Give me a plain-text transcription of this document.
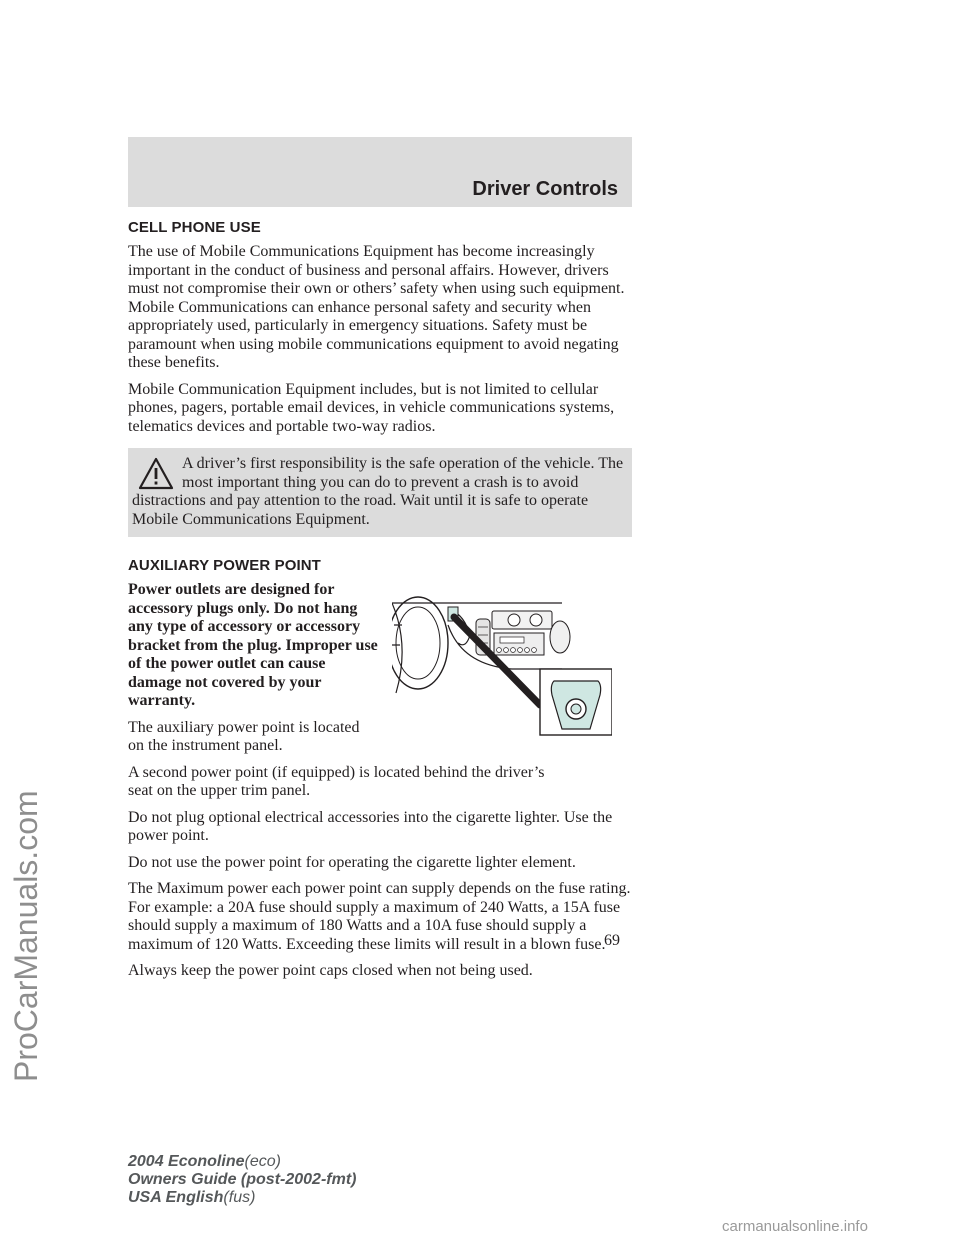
Driver Controls
ProCarManuals.com
CELL PHONE USE

The use of Mobile Communications Equipment has become increasingly important in the conduct of business and personal affairs. However, drivers must not compromise their own or others’ safety when using such equipment. Mobile Communications can enhance personal safety and security when appropriately used, particularly in emergency situations. Safety must be paramount when using mobile communications equipment to avoid negating these benefits.

Mobile Communication Equipment includes, but is not limited to cellular phones, pagers, portable email devices, in vehicle communications systems, telematics devices and portable two-way radios.

A driver’s first responsibility is the safe operation of the vehicle. The most important thing you can do to prevent a crash is to avoid distractions and pay attention to the road. Wait until it is safe to operate Mobile Communications Equipment.

AUXILIARY POWER POINT

Power outlets are designed for accessory plugs only. Do not hang any type of accessory or accessory bracket from the plug. Improper use of the power outlet can cause damage not covered by your warranty.

The auxiliary power point is located on the instrument panel.

A second power point (if equipped) is located behind the driver’s seat on the upper trim panel.

Do not plug optional electrical accessories into the cigarette lighter. Use the power point.

Do not use the power point for operating the cigarette lighter element.

The Maximum power each power point can supply depends on the fuse rating. For example: a 20A fuse should supply a maximum of 240 Watts, a 15A fuse should supply a maximum of 180 Watts and a 10A fuse should supply a maximum of 120 Watts. Exceeding these limits will result in a blown fuse.

Always keep the power point caps closed when not being used.

69
2004 Econoline(eco)
Owners Guide (post-2002-fmt)
USA English(fus)
carmanualsonline.info
